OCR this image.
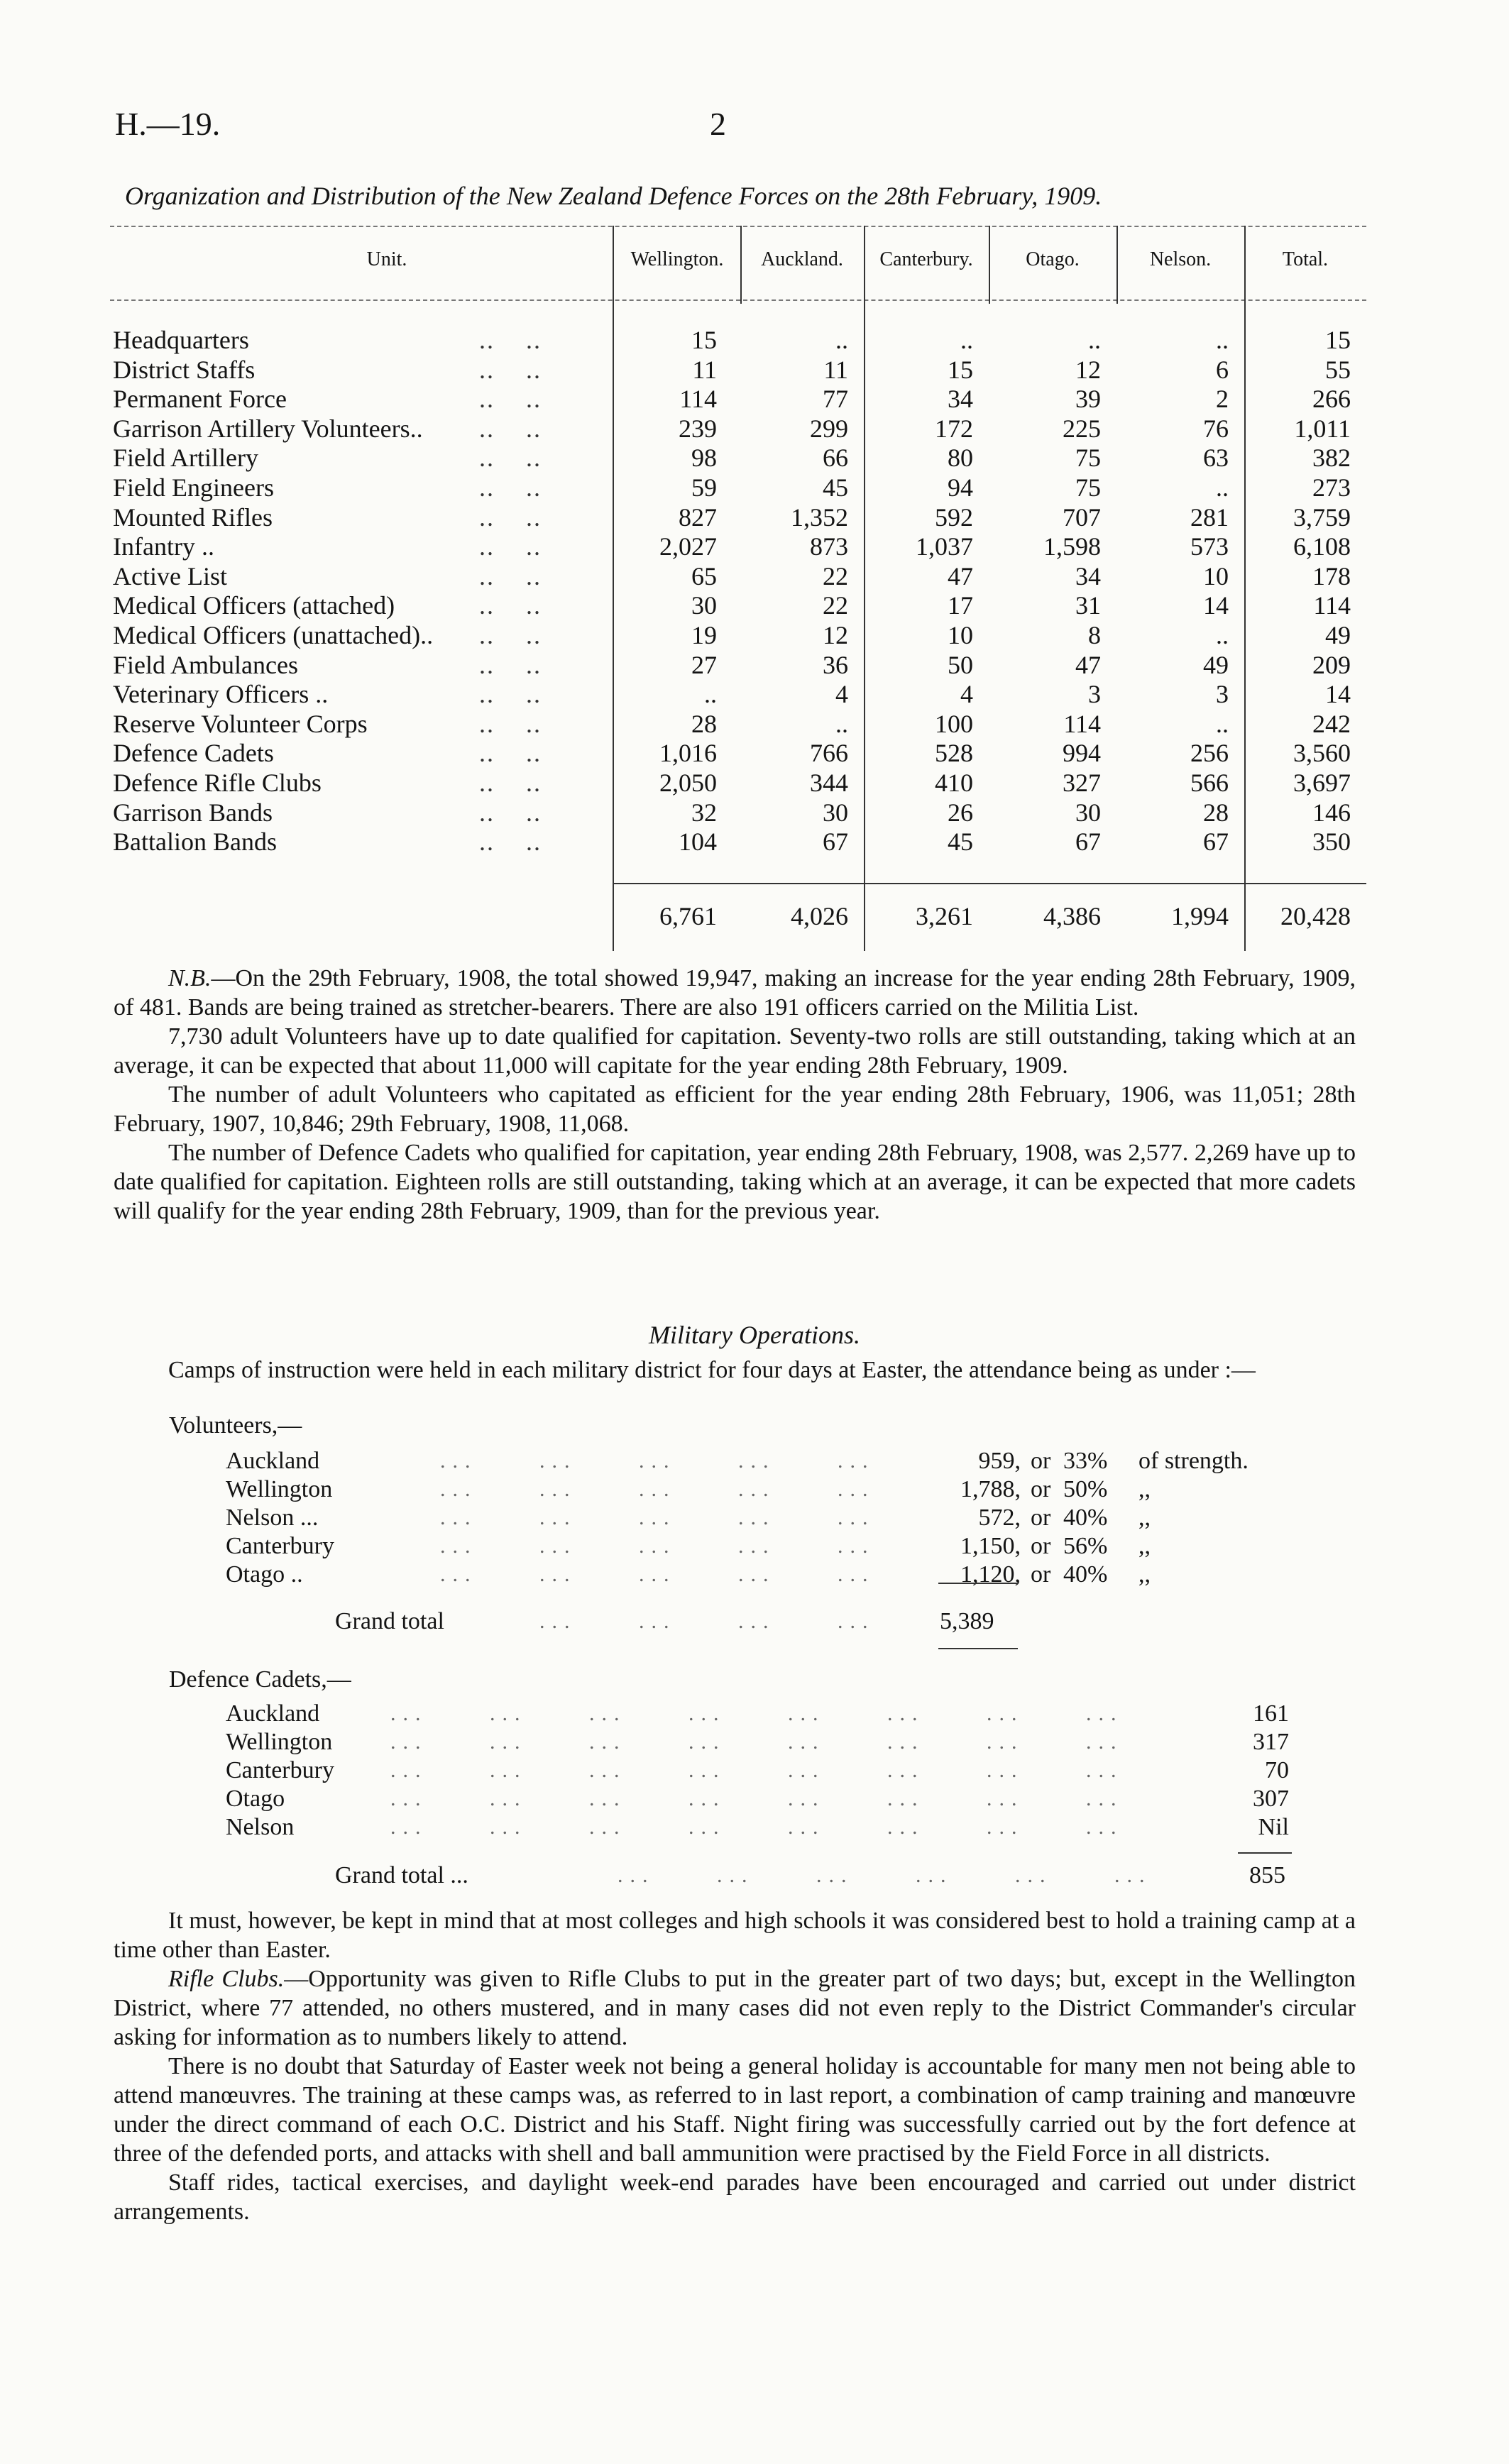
H.—19.	2
Organization and Distribution of the New Zealand Defence Forces on the 28th February, 1909.
Unit.	Wellington.	Auckland.	Canterbury.	Otago.	Nelson.	Total.
Headquarters	..    ..	15	..	..	..	..	15
District Staffs	..    ..	11	11	15	12	6	55
Permanent Force	..    ..	114	77	34	39	2	266
Garrison Artillery Volunteers.. ..    ..	239	299	172	225	76	1,011
Field Artillery	..    ..	98	66	80	75	63	382
Field Engineers	..    ..	59	45	94	75	..	273
Mounted Rifles	..    ..	827	1,352	592	707	281	3,759
Infantry ..	..    ..	2,027	873	1,037	1,598	573	6,108
Active List	..    ..	65	22	47	34	10	178
Medical Officers (attached)	..    ..	30	22	17	31	14	114
Medical Officers (unattached).. ..    ..	19	12	10	8	..	49
Field Ambulances	..    ..	27	36	50	47	49	209
Veterinary Officers ..	..    ..	..	4	4	3	3	14
Reserve Volunteer Corps	..    ..	28	..	100	114	..	242
Defence Cadets	..    ..	1,016	766	528	994	256	3,560
Defence Rifle Clubs	..    ..	2,050	344	410	327	566	3,697
Garrison Bands	..    ..	32	30	26	30	28	146
Battalion Bands	..    ..	104	67	45	67	67	350
6,761	4,026	3,261	4,386	1,994	20,428

N.B.—On the 29th February, 1908, the total showed 19,947, making an increase for the year ending 28th February, 1909, of 481. Bands are being trained as stretcher-bearers. There are also 191 officers carried on the Militia List.

7,730 adult Volunteers have up to date qualified for capitation. Seventy-two rolls are still outstanding, taking which at an average, it can be expected that about 11,000 will capitate for the year ending 28th February, 1909.

The number of adult Volunteers who capitated as efficient for the year ending 28th February, 1906, was 11,051; 28th February, 1907, 10,846; 29th February, 1908, 11,068.

The number of Defence Cadets who qualified for capitation, year ending 28th February, 1908, was 2,577. 2,269 have up to date qualified for capitation. Eighteen rolls are still outstanding, taking which at an average, it can be expected that more cadets will qualify for the year ending 28th February, 1909, than for the previous year.

Military Operations.

Camps of instruction were held in each military district for four days at Easter, the attendance being as under :—

Volunteers,—
Auckland	...     ...     ...     ...     ...	959, or 33% of strength.
Wellington	...     ...     ...     ...     ...	1,788, or 50% ,,
Nelson ...	...     ...     ...     ...     ...	572, or 40% ,,
Canterbury	...     ...     ...     ...     ...	1,150, or 56% ,,
Otago ..	...     ...     ...     ...     ...	1,120, or 40% ,,
Grand total	...     ...     ...     ...	5,389
Defence Cadets,—
Auckland	...     ...     ...     ...     ...     ...     ...     ...	161
Wellington	...     ...     ...     ...     ...     ...     ...     ...	317
Canterbury	...     ...     ...     ...     ...     ...     ...     ...	70
Otago	...     ...     ...     ...     ...     ...     ...     ...	307
Nelson	...     ...     ...     ...     ...     ...     ...     ...	Nil
Grand total ...	...     ...     ...     ...     ...     ...	855

It must, however, be kept in mind that at most colleges and high schools it was considered best to hold a training camp at a time other than Easter.

Rifle Clubs.—Opportunity was given to Rifle Clubs to put in the greater part of two days; but, except in the Wellington District, where 77 attended, no others mustered, and in many cases did not even reply to the District Commander's circular asking for information as to numbers likely to attend.

There is no doubt that Saturday of Easter week not being a general holiday is accountable for many men not being able to attend manœuvres. The training at these camps was, as referred to in last report, a combination of camp training and manœuvre under the direct command of each O.C. District and his Staff. Night firing was successfully carried out by the fort defence at three of the defended ports, and attacks with shell and ball ammunition were practised by the Field Force in all districts.

Staff rides, tactical exercises, and daylight week-end parades have been encouraged and carried out under district arrangements.
